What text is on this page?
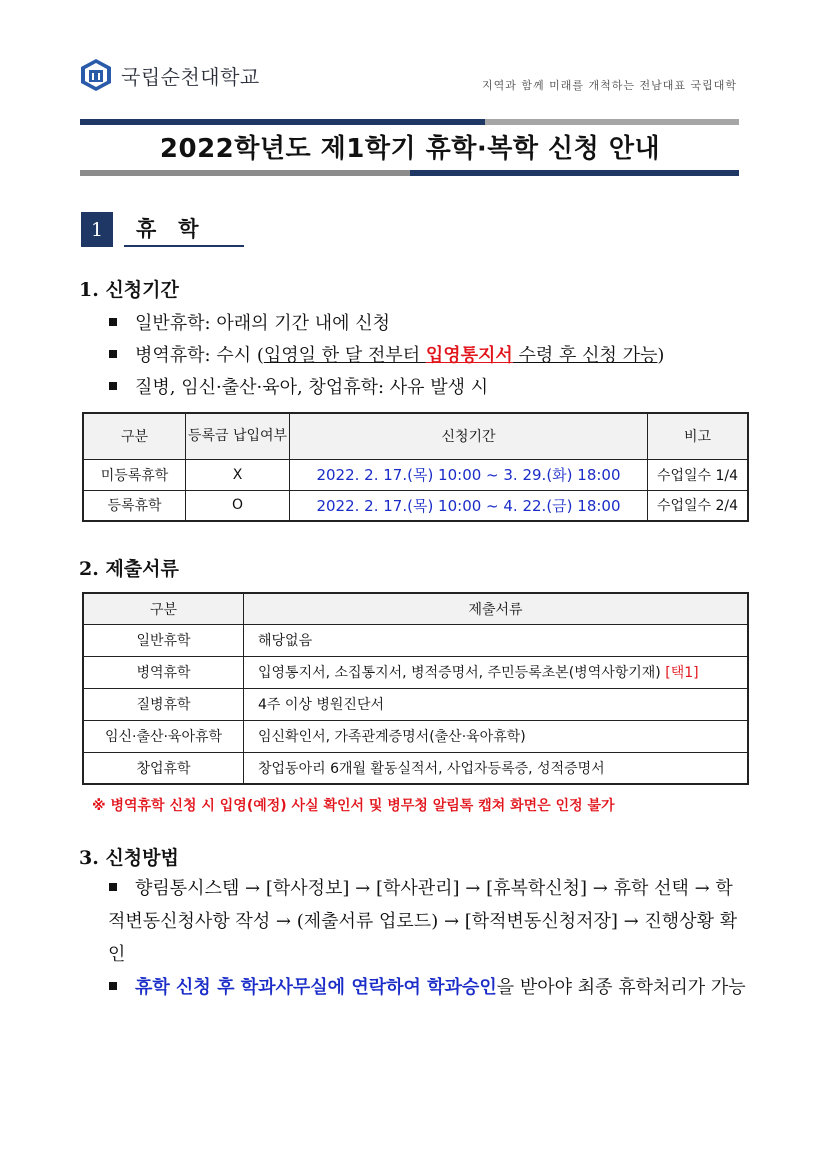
국립순천대학교	지역과 함께 미래를 개척하는 전남대표 국립대학
2022학년도 제1학기 휴학·복학 신청 안내
1	휴학
1. 신청기간
일반휴학: 아래의 기간 내에 신청
병역휴학: 수시 (입영일 한 달 전부터 입영통지서 수령 후 신청 가능)
질병, 임신·출산·육아, 창업휴학: 사유 발생 시
구분	등록금 납입여부	신청기간	비고
미등록휴학	X	2022. 2. 17.(목) 10:00 ~ 3. 29.(화) 18:00	수업일수 1/4
등록휴학	O	2022. 2. 17.(목) 10:00 ~ 4. 22.(금) 18:00	수업일수 2/4
2. 제출서류
구분	제출서류
일반휴학	해당없음
병역휴학	입영통지서, 소집통지서, 병적증명서, 주민등록초본(병역사항기재) [택1]
질병휴학	4주 이상 병원진단서
임신·출산·육아휴학	임신확인서, 가족관계증명서(출산·육아휴학)
창업휴학	창업동아리 6개월 활동실적서, 사업자등록증, 성적증명서
※ 병역휴학 신청 시 입영(예정) 사실 확인서 및 병무청 알림톡 캡쳐 화면은 인정 불가
3. 신청방법
향림통시스템 → [학사정보] → [학사관리] → [휴복학신청] → 휴학 선택 → 학적변동신청사항 작성 → (제출서류 업로드) → [학적변동신청저장] → 진행상황 확인
휴학 신청 후 학과사무실에 연락하여 학과승인을 받아야 최종 휴학처리가 가능
